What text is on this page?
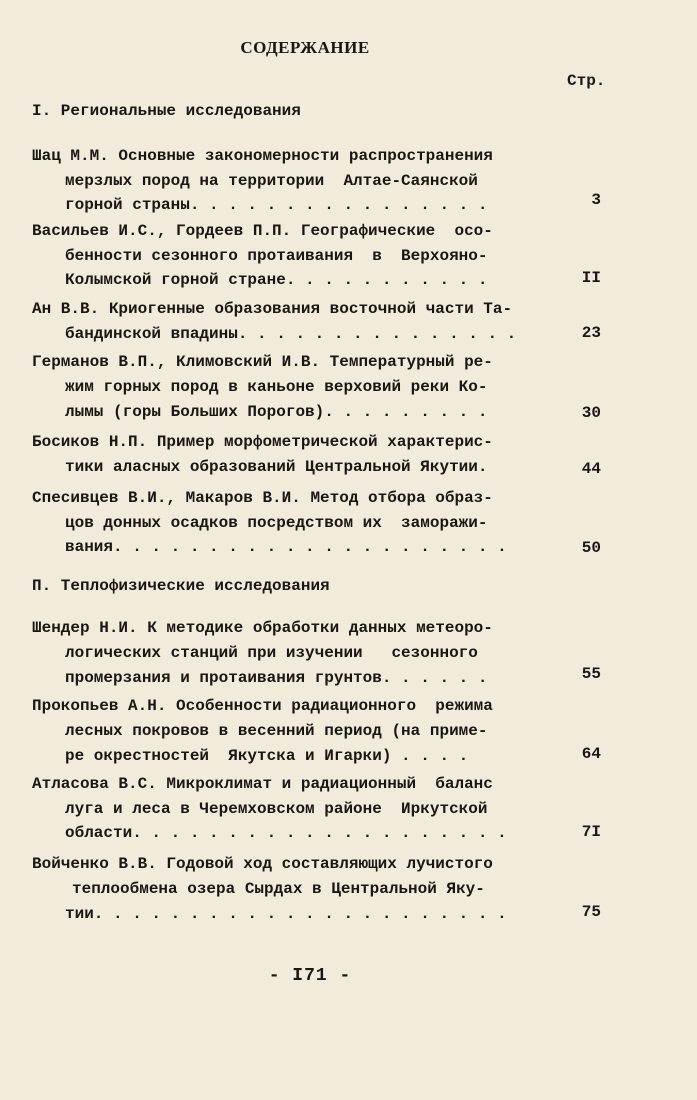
СОДЕРЖАНИЕ
Стр.
I. Региональные исследования
Шац М.М. Основные закономерности распространения
мерзлых пород на территории  Алтае-Саянской
горной страны. . . . . . . . . . . . . . . .	3
Васильев И.С., Гордеев П.П. Географические  осо-
бенности сезонного протаивания  в  Верхояно-
Колымской горной стране. . . . . . . . . . .	II
Ан В.В. Криогенные образования восточной части Та-
бандинской впадины. . . . . . . . . . . . . . .	23
Германов В.П., Климовский И.В. Температурный ре-
жим горных пород в каньоне верховий реки Ко-
лымы (горы Больших Порогов). . . . . . . . .	30
Босиков Н.П. Пример морфометрической характерис-
тики аласных образований Центральной Якутии.	44
Спесивцев В.И., Макаров В.И. Метод отбора образ-
цов донных осадков посредством их  заморажи-
вания. . . . . . . . . . . . . . . . . . . . .	50
П. Теплофизические исследования
Шендер Н.И. К методике обработки данных метеоро-
логических станций при изучении   сезонного
промерзания и протаивания грунтов. . . . . .	55
Прокопьев А.Н. Особенности радиационного  режима
лесных покровов в весенний период (на приме-
ре окрестностей  Якутска и Игарки) . . . .	64
Атласова В.С. Микроклимат и радиационный  баланс
луга и леса в Черемховском районе  Иркутской
области. . . . . . . . . . . . . . . . . . . .	7I
Войченко В.В. Годовой ход составляющих лучистого
теплообмена озера Сырдах в Центральной Яку-
тии. . . . . . . . . . . . . . . . . . . . . .	75
- I71 -
